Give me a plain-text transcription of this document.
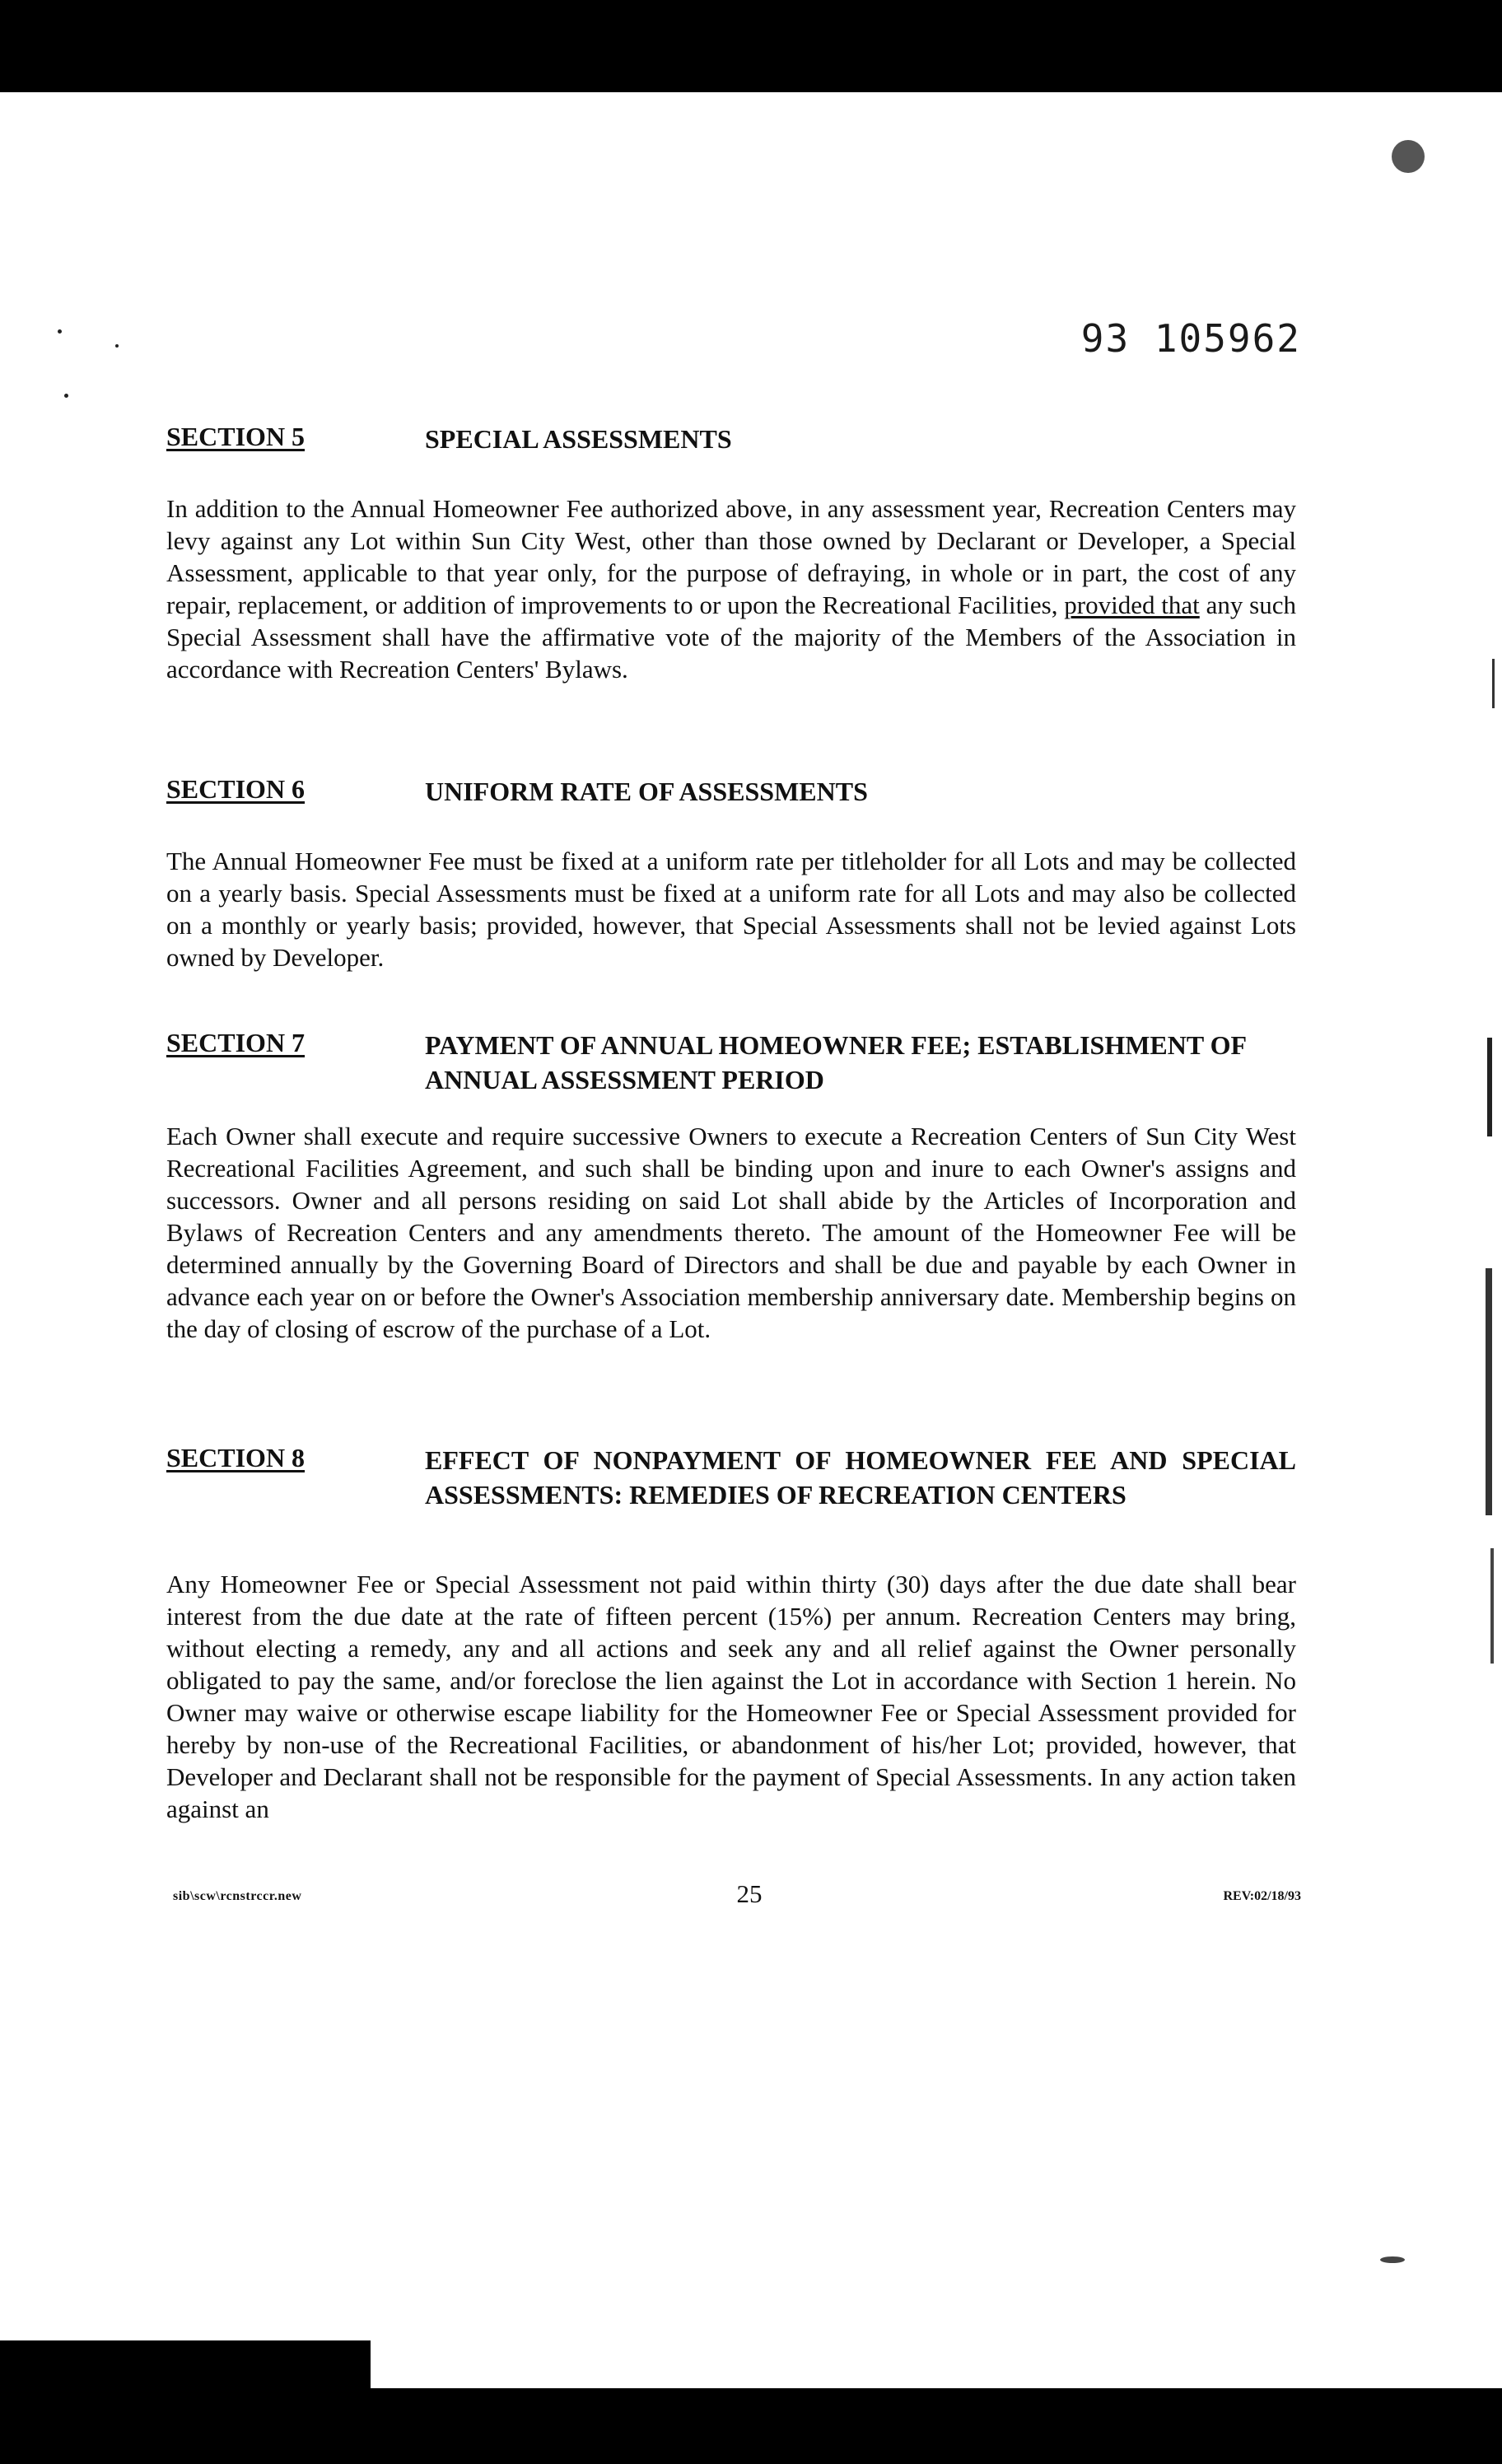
93 105962
SECTION 5	SPECIAL ASSESSMENTS

In addition to the Annual Homeowner Fee authorized above, in any assessment year, Recreation Centers may levy against any Lot within Sun City West, other than those owned by Declarant or Developer, a Special Assessment, applicable to that year only, for the purpose of defraying, in whole or in part, the cost of any repair, replacement, or addition of improvements to or upon the Recreational Facilities, provided that any such Special Assessment shall have the affirmative vote of the majority of the Members of the Association in accordance with Recreation Centers' Bylaws.

SECTION 6	UNIFORM RATE OF ASSESSMENTS

The Annual Homeowner Fee must be fixed at a uniform rate per titleholder for all Lots and may be collected on a yearly basis. Special Assessments must be fixed at a uniform rate for all Lots and may also be collected on a monthly or yearly basis; provided, however, that Special Assessments shall not be levied against Lots owned by Developer.

SECTION 7	PAYMENT OF ANNUAL HOMEOWNER FEE; ESTABLISHMENT OF ANNUAL ASSESSMENT PERIOD

Each Owner shall execute and require successive Owners to execute a Recreation Centers of Sun City West Recreational Facilities Agreement, and such shall be binding upon and inure to each Owner's assigns and successors. Owner and all persons residing on said Lot shall abide by the Articles of Incorporation and Bylaws of Recreation Centers and any amendments thereto. The amount of the Homeowner Fee will be determined annually by the Governing Board of Directors and shall be due and payable by each Owner in advance each year on or before the Owner's Association membership anniversary date. Membership begins on the day of closing of escrow of the purchase of a Lot.

SECTION 8	EFFECT OF NONPAYMENT OF HOMEOWNER FEE AND SPECIAL ASSESSMENTS: REMEDIES OF RECREATION CENTERS

Any Homeowner Fee or Special Assessment not paid within thirty (30) days after the due date shall bear interest from the due date at the rate of fifteen percent (15%) per annum. Recreation Centers may bring, without electing a remedy, any and all actions and seek any and all relief against the Owner personally obligated to pay the same, and/or foreclose the lien against the Lot in accordance with Section 1 herein. No Owner may waive or otherwise escape liability for the Homeowner Fee or Special Assessment provided for hereby by non-use of the Recreational Facilities, or abandonment of his/her Lot; provided, however, that Developer and Declarant shall not be responsible for the payment of Special Assessments. In any action taken against an

sib\scw\rcnstrccr.new	25	REV:02/18/93
